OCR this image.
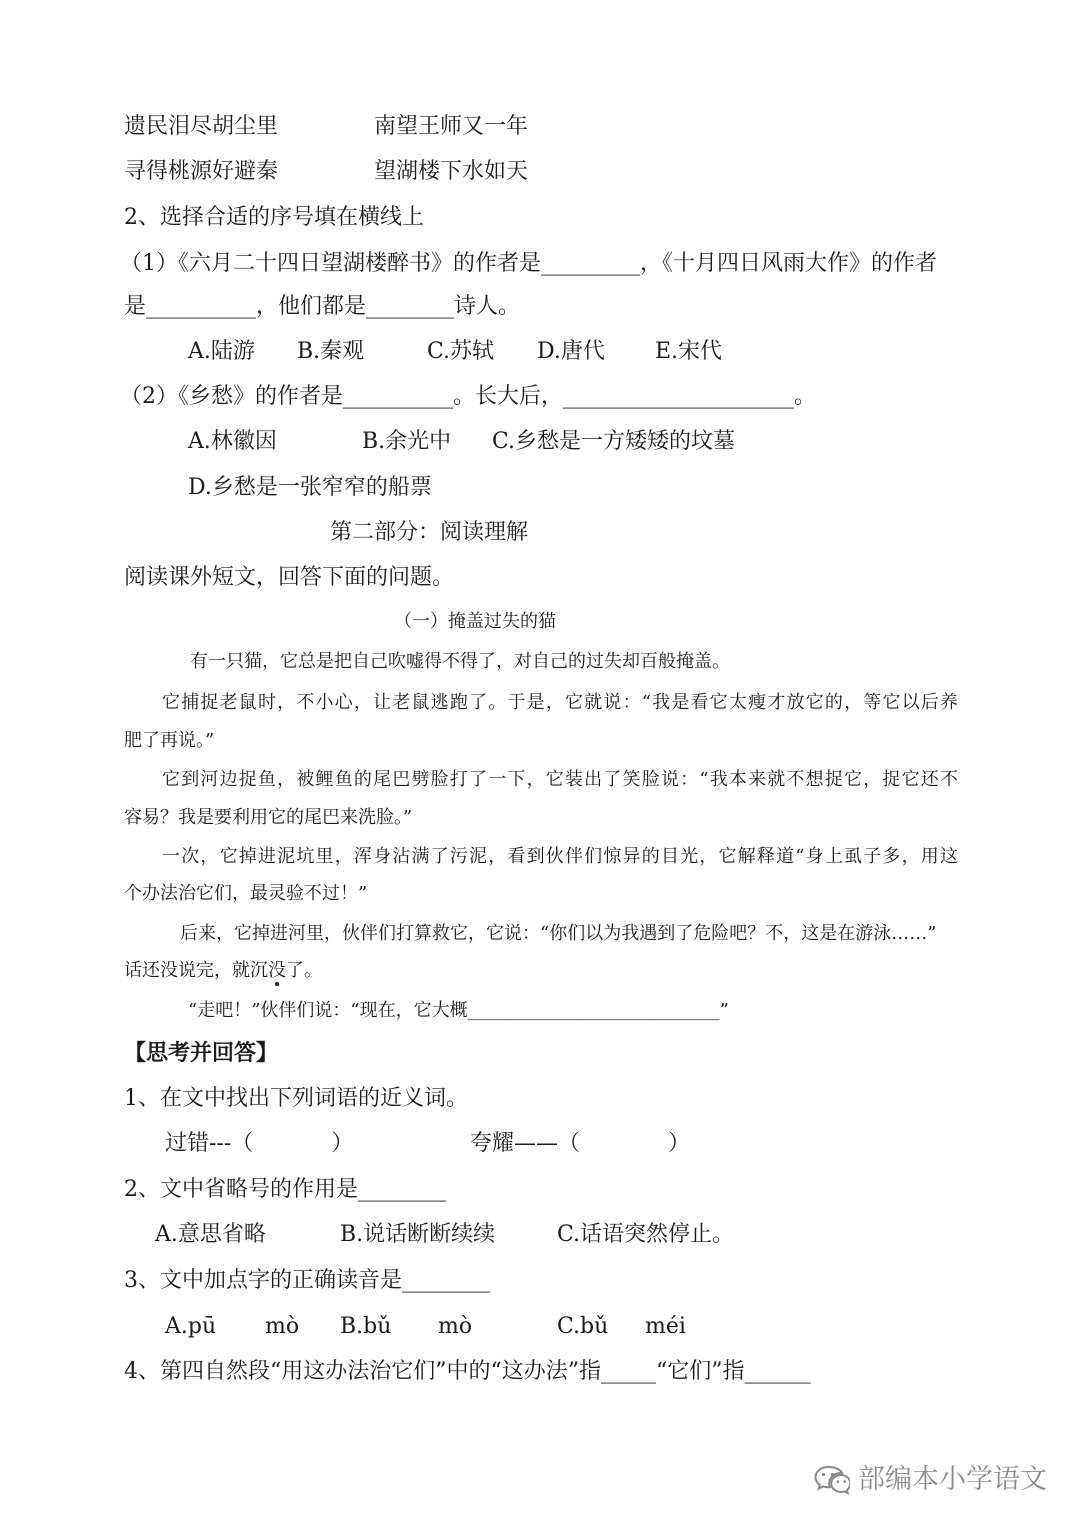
遗民泪尽胡尘里	南望王师又一年
寻得桃源好避秦	望湖楼下水如天
2、选择合适的序号填在横线上
（1）《六月二十四日望湖楼醉书》的作者是_________，《十月四日风雨大作》的作者
是__________，他们都是________诗人。
A.陆游 B.秦观	C.苏轼 D.唐代 E.宋代
（2）《乡愁》的作者是__________。长大后，_____________________。
A.林徽因	B.余光中 C.乡愁是一方矮矮的坟墓
D.乡愁是一张窄窄的船票
第二部分：阅读理解
阅读课外短文，回答下面的问题。
（一）掩盖过失的猫
有一只猫，它总是把自己吹嘘得不得了，对自己的过失却百般掩盖。
它捕捉老鼠时，不小心，让老鼠逃跑了。于是，它就说：“我是看它太瘦才放它的，等它以后养
肥了再说。”
它到河边捉鱼，被鲤鱼的尾巴劈脸打了一下，它装出了笑脸说：“我本来就不想捉它，捉它还不
容易？我是要利用它的尾巴来洗脸。”
一次，它掉进泥坑里，浑身沾满了污泥，看到伙伴们惊异的目光，它解释道“身上虱子多，用这
个办法治它们，最灵验不过！”
后来，它掉进河里，伙伴们打算救它，它说：“你们以为我遇到了危险吧？不，这是在游泳……”
话还没说完，就沉没了。
“走吧！”伙伴们说：“现在，它大概____________________________”
【思考并回答】
1、在文中找出下列词语的近义词。
过错---（	）	夸耀——（	）
2、文中省略号的作用是________
A.意思省略	B.说话断断续续	C.话语突然停止。
3、文中加点字的正确读音是________
A.pū mò B.bǔ mò	C.bǔ méi
4、第四自然段“用这办法治它们”中的“这办法”指_____“它们”指______
部编本小学语文
